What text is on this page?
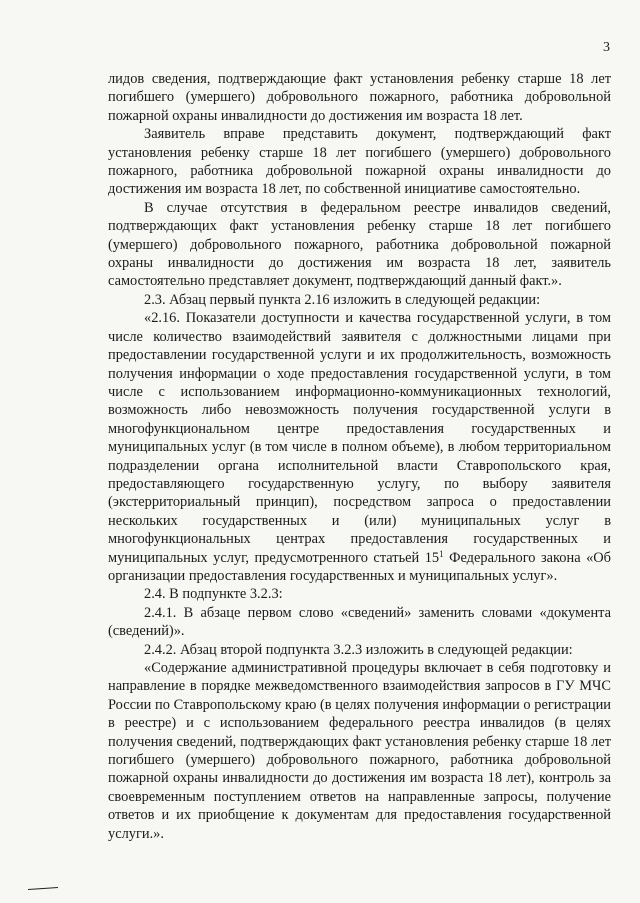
3

лидов сведения, подтверждающие факт установления ребенку старше 18 лет погибшего (умершего) добровольного пожарного, работника добровольной пожарной охраны инвалидности до достижения им возраста 18 лет.

Заявитель вправе представить документ, подтверждающий факт установления ребенку старше 18 лет погибшего (умершего) добровольного пожарного, работника добровольной пожарной охраны инвалидности до достижения им возраста 18 лет, по собственной инициативе самостоятельно.

В случае отсутствия в федеральном реестре инвалидов сведений, подтверждающих факт установления ребенку старше 18 лет погибшего (умершего) добровольного пожарного, работника добровольной пожарной охраны инвалидности до достижения им возраста 18 лет, заявитель самостоятельно представляет документ, подтверждающий данный факт.».

2.3. Абзац первый пункта 2.16 изложить в следующей редакции:

«2.16. Показатели доступности и качества государственной услуги, в том числе количество взаимодействий заявителя с должностными лицами при предоставлении государственной услуги и их продолжительность, возможность получения информации о ходе предоставления государственной услуги, в том числе с использованием информационно-коммуникационных технологий, возможность либо невозможность получения государственной услуги в многофункциональном центре предоставления государственных и муниципальных услуг (в том числе в полном объеме), в любом территориальном подразделении органа исполнительной власти Ставропольского края, предоставляющего государственную услугу, по выбору заявителя (экстерриториальный принцип), посредством запроса о предоставлении нескольких государственных и (или) муниципальных услуг в многофункциональных центрах предоставления государственных и муниципальных услуг, предусмотренного статьей $15^1$ Федерального закона «Об организации предоставления государственных и муниципальных услуг».

2.4. В подпункте 3.2.3:

2.4.1. В абзаце первом слово «сведений» заменить словами «документа (сведений)».

2.4.2. Абзац второй подпункта 3.2.3 изложить в следующей редакции:

«Содержание административной процедуры включает в себя подготовку и направление в порядке межведомственного взаимодействия запросов в ГУ МЧС России по Ставропольскому краю (в целях получения информации о регистрации в реестре) и с использованием федерального реестра инвалидов (в целях получения сведений, подтверждающих факт установления ребенку старше 18 лет погибшего (умершего) добровольного пожарного, работника добровольной пожарной охраны инвалидности до достижения им возраста 18 лет), контроль за своевременным поступлением ответов на направленные запросы, получение ответов и их приобщение к документам для предоставления государственной услуги.».
